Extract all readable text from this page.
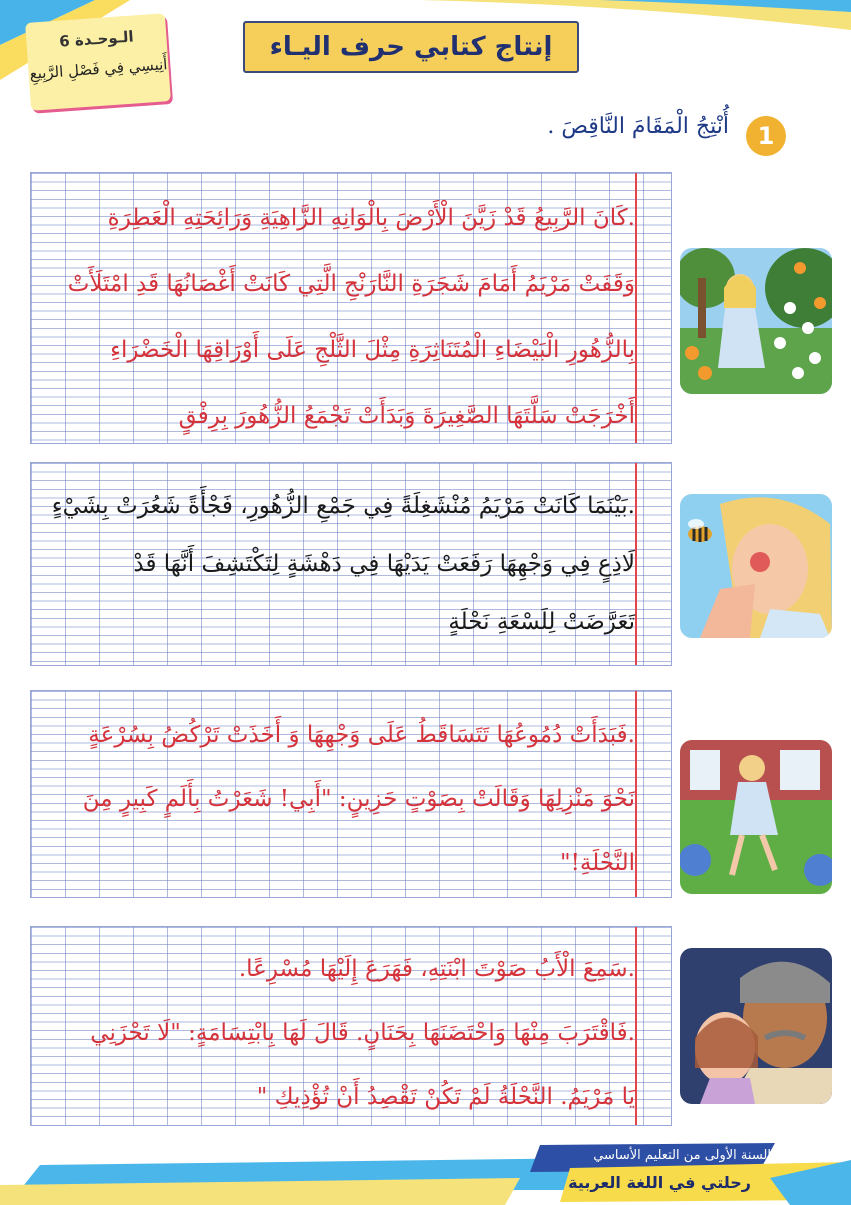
الـوحـدة 6
أَنِيسِي فِي فَصْلِ الرَّبِيعِ
إنتاج كتابي حرف اليـاء
1
أُنْتِجُ الْمَقَامَ النَّاقِصَ .
.كَانَ الرَّبِيعُ قَدْ زَيَّنَ الْأَرْضَ بِالْوَانِهِ الزَّاهِيَةِ وَرَائِحَتِهِ الْعَطِرَةِ
وَقَفَتْ مَرْيَمُ أَمَامَ شَجَرَةِ النَّارَنْجِ الَّتِي كَانَتْ أَغْصَانُهَا قَدِ امْتَلَأَتْ
بِالزُّهُورِ الْبَيْضَاءِ الْمُتَنَاثِرَةِ مِثْلَ الثَّلْجِ عَلَى أَوْرَاقِهَا الْخَضْرَاءِ
أَخْرَجَتْ سَلَّتَهَا الصَّغِيرَةَ وَبَدَأَتْ تَجْمَعُ الزُّهُورَ بِرِفْقٍ
.بَيْنَمَا كَانَتْ مَرْيَمُ مُنْشَغِلَةً فِي جَمْعِ الزُّهُورِ، فَجْأَةً شَعُرَتْ بِشَيْءٍ
لَاذِعٍ فِي وَجْهِهَا رَفَعَتْ يَدَيْهَا فِي دَهْشَةٍ لِتَكْتَشِفَ أَنَّهَا قَدْ
تَعَرَّضَتْ لِلَسْعَةِ نَحْلَةٍ
.فَبَدَأَتْ دُمُوعُهَا تَتَسَاقَطُ عَلَى وَجْهِهَا وَ أَخَذَتْ تَرْكُضُ بِسُرْعَةٍ
نَحْوَ مَنْزِلِهَا وَقَالَتْ بِصَوْتٍ حَزِينٍ: "أَبِي! شَعَرْتُ بِأَلَمٍ كَبِيرٍ مِنَ
النَّحْلَةِ!"
.سَمِعَ الْأَبُ صَوْتَ ابْنَتِهِ، فَهَرَعَ إِلَيْهَا مُسْرِعًا.
.فَاقْتَرَبَ مِنْهَا وَاحْتَضَنَهَا بِحَنَانٍ. قَالَ لَهَا بِابْتِسَامَةٍ: "لَا تَحْزَنِي
يَا مَرْيَمُ. النَّحْلَةُ لَمْ تَكُنْ تَقْصِدُ أَنْ تُؤْذِيكِ "
السنة الأولى من التعليم الأساسي
رحلتي في اللغة العربية
